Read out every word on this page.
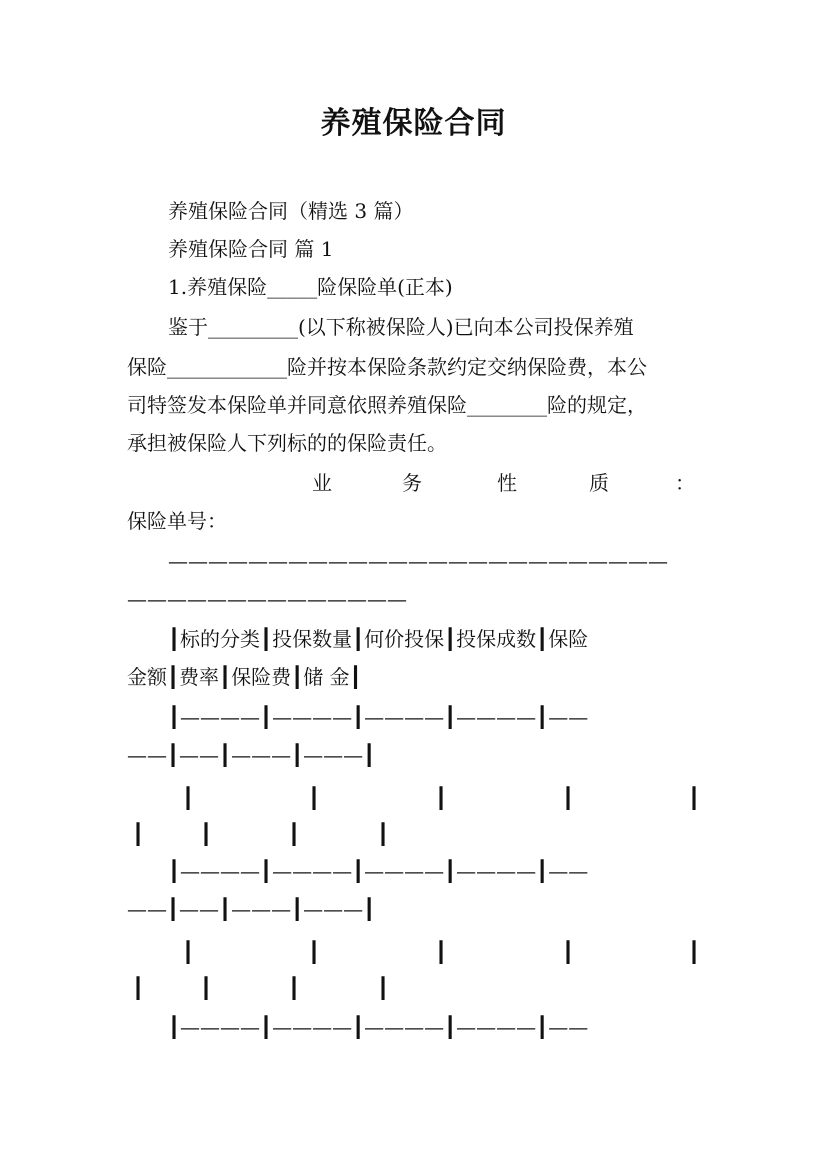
养殖保险合同
养殖保险合同（精选 3 篇）
养殖保险合同 篇 1
1.养殖保险_____险保险单(正本)
鉴于_________(以下称被保险人)已向本公司投保养殖
保险____________险并按本保险条款约定交纳保险费，本公
司特签发本保险单并同意依照养殖保险________险的规定，
承担被保险人下列标的的保险责任。
业	务	性	质	：
保险单号：
—————————————————————————
——————————————
┃标的分类┃投保数量┃何价投保┃投保成数┃保险
金额┃费率┃保险费┃储 金┃
┃————┃————┃————┃————┃——
——┃——┃———┃———┃
┃	┃	┃	┃	┃
┃	┃	┃	┃
┃————┃————┃————┃————┃——
——┃——┃———┃———┃
┃	┃	┃	┃	┃
┃	┃	┃	┃
┃————┃————┃————┃————┃——
